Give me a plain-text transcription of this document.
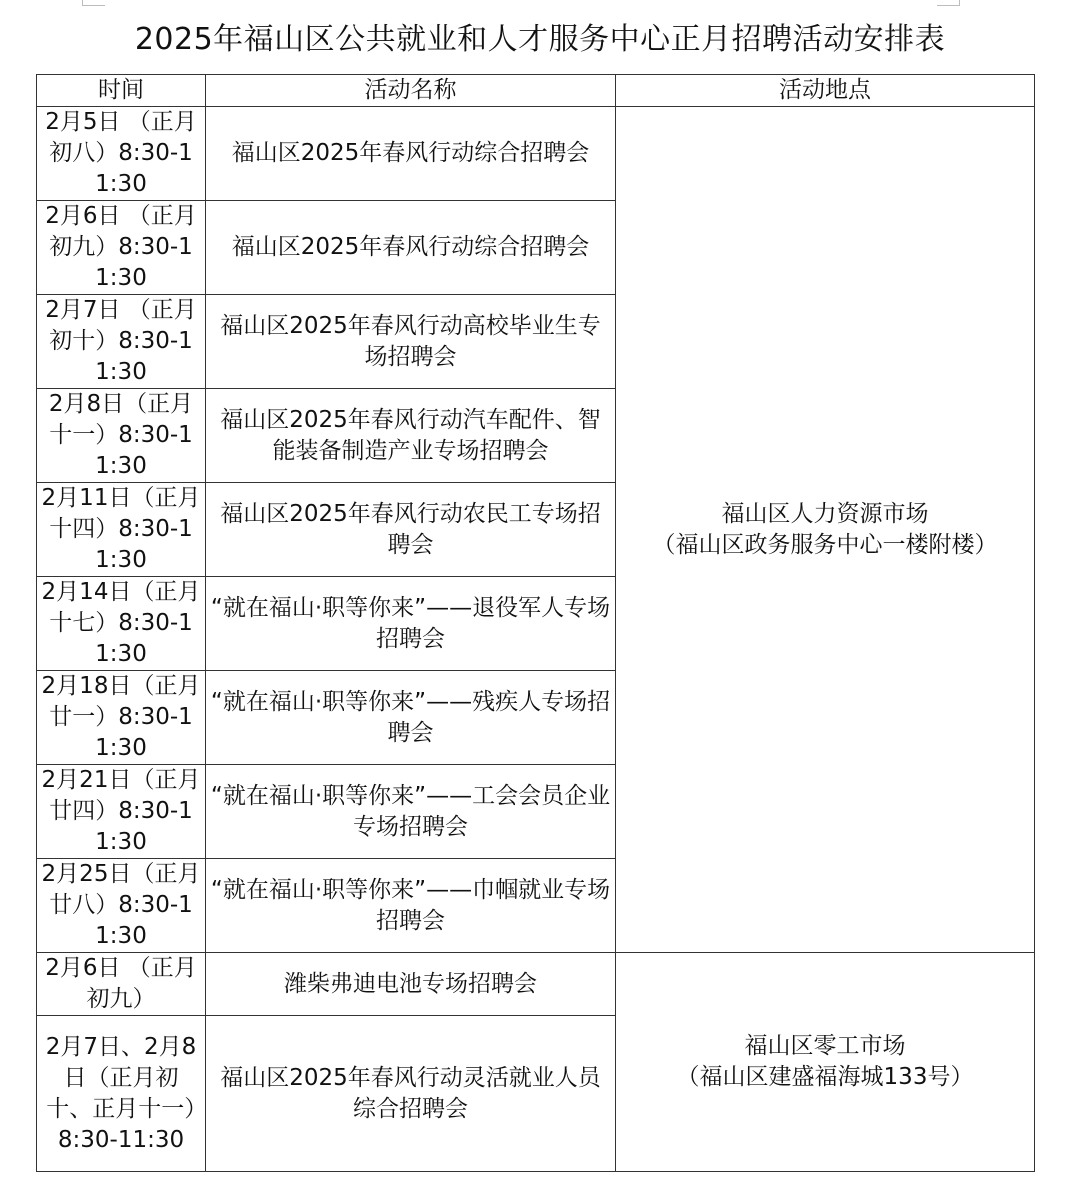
2025年福山区公共就业和人才服务中心正月招聘活动安排表
时间	活动名称	活动地点
2月5日 （正月初八）8:30-11:30	福山区2025年春风行动综合招聘会	福山区人力资源市场
（福山区政务服务中心一楼附楼）

2月6日 （正月初九）8:30-11:30	福山区2025年春风行动综合招聘会	
2月7日 （正月初十）8:30-11:30	福山区2025年春风行动高校毕业生专场招聘会	
2月8日（正月十一）8:30-11:30	福山区2025年春风行动汽车配件、智能装备制造产业专场招聘会	
2月11日（正月十四）8:30-11:30	福山区2025年春风行动农民工专场招聘会	
2月14日（正月十七）8:30-11:30	“就在福山·职等你来”——退役军人专场招聘会	
2月18日（正月廿一）8:30-11:30	“就在福山·职等你来”——残疾人专场招聘会	
2月21日（正月廿四）8:30-11:30	“就在福山·职等你来”——工会会员企业专场招聘会	
2月25日（正月廿八）8:30-11:30	“就在福山·职等你来”——巾帼就业专场招聘会	
2月6日 （正月初九）	潍柴弗迪电池专场招聘会	福山区零工市场
（福山区建盛福海城133号）

2月7日、2月8日（正月初十、正月十一）8:30-11:30	福山区2025年春风行动灵活就业人员综合招聘会	
